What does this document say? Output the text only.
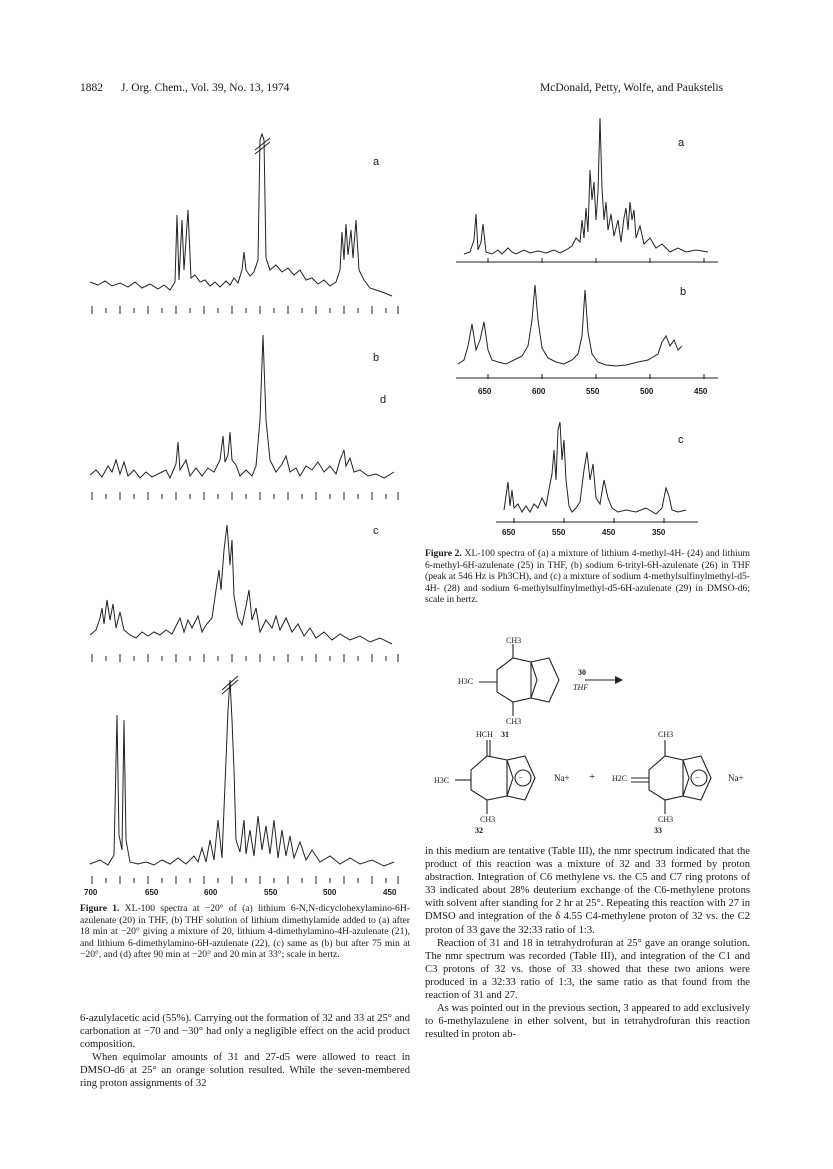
1882 J. Org. Chem., Vol. 39, No. 13, 1974	McDonald, Petty, Wolfe, and Paukstelis
a
b
c
d
700	650	600	550	500	450
Figure 1. XL-100 spectra at −20° of (a) lithium 6-N,N-dicyclohexylamino-6H-azulenate (20) in THF, (b) THF solution of lithium dimethylamide added to (a) after 18 min at −20° giving a mixture of 20, lithium 4-dimethylamino-4H-azulenate (21), and lithium 6-dimethylamino-6H-azulenate (22), (c) same as (b) but after 75 min at −20°, and (d) after 90 min at −20° and 20 min at 33°; scale in hertz.

6-azulylacetic acid (55%). Carrying out the formation of 32 and 33 at 25° and carbonation at −70 and −30° had only a negligible effect on the acid product composition.

When equimolar amounts of 31 and 27-d5 were allowed to react in DMSO-d6 at 25° an orange solution resulted. While the seven-membered ring proton assignments of 32

a
b
c
650	600	550	500	450
650	550	450	350
Figure 2. XL-100 spectra of (a) a mixture of lithium 4-methyl-4H- (24) and lithium 6-methyl-6H-azulenate (25) in THF, (b) sodium 6-trityl-6H-azulenate (26) in THF (peak at 546 Hz is Ph3CH), and (c) a mixture of sodium 4-methylsulfinylmethyl-d5-4H- (28) and sodium 6-methylsulfinylmethyl-d5-6H-azulenate (29) in DMSO-d6; scale in hertz.
CH3
H3C
CH3
31
30
THF
HCH
H3C
CH3
32
−	Na+ +
CH3
H2C
CH3
33
−	Na+

in this medium are tentative (Table III), the nmr spectrum indicated that the product of this reaction was a mixture of 32 and 33 formed by proton abstraction. Integration of C6 methylene vs. the C5 and C7 ring protons of 33 indicated about 28% deuterium exchange of the C6-methylene protons with solvent after standing for 2 hr at 25°. Repeating this reaction with 27 in DMSO and integration of the δ 4.55 C4-methylene proton of 32 vs. the C2 proton of 33 gave the 32:33 ratio of 1:3.

Reaction of 31 and 18 in tetrahydrofuran at 25° gave an orange solution. The nmr spectrum was recorded (Table III), and integration of the C1 and C3 protons of 32 vs. those of 33 showed that these two anions were produced in a 32:33 ratio of 1:3, the same ratio as that found from the reaction of 31 and 27.

As was pointed out in the previous section, 3 appeared to add exclusively to 6-methylazulene in ether solvent, but in tetrahydrofuran this reaction resulted in proton ab-
